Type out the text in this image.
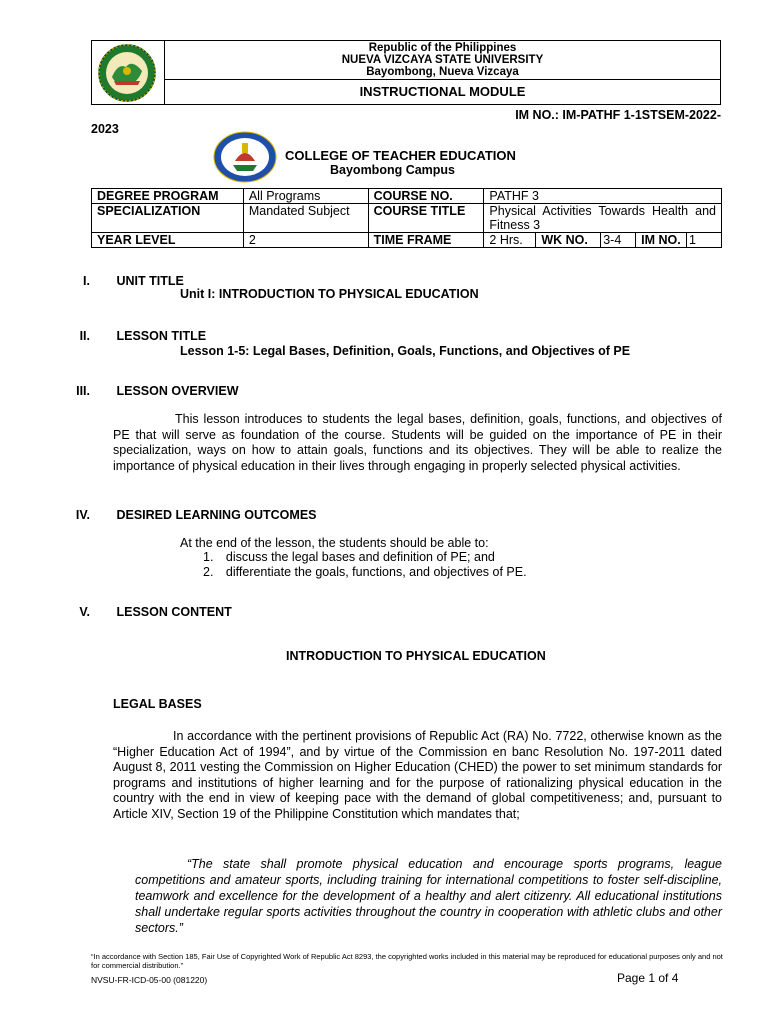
Republic of the Philippines
NUEVA VIZCAYA STATE UNIVERSITY
Bayombong, Nueva Vizcaya
INSTRUCTIONAL MODULE
IM NO.: IM-PATHF 1-1STSEM-2022-
2023
COLLEGE OF TEACHER EDUCATION
Bayombong Campus
DEGREE PROGRAM	All Programs	COURSE NO.	PATHF 3				
SPECIALIZATION	Mandated Subject	COURSE TITLE	Physical Activities Towards Health and Fitness 3				
YEAR LEVEL	2	TIME FRAME	2 Hrs.	WK NO.	3-4	IM NO.	1
I. UNIT TITLE
Unit I: INTRODUCTION TO PHYSICAL EDUCATION
II. LESSON TITLE
Lesson 1-5: Legal Bases, Definition, Goals, Functions, and Objectives of PE
III. LESSON OVERVIEW
This lesson introduces to students the legal bases, definition, goals, functions, and objectives of PE that will serve as foundation of the course. Students will be guided on the importance of PE in their specialization, ways on how to attain goals, functions and its objectives. They will be able to realize the importance of physical education in their lives through engaging in properly selected physical activities.
IV. DESIRED LEARNING OUTCOMES
At the end of the lesson, the students should be able to:
1. discuss the legal bases and definition of PE; and
2. differentiate the goals, functions, and objectives of PE.
V. LESSON CONTENT
INTRODUCTION TO PHYSICAL EDUCATION
LEGAL BASES
In accordance with the pertinent provisions of Republic Act (RA) No. 7722, otherwise known as the “Higher Education Act of 1994”, and by virtue of the Commission en banc Resolution No. 197-2011 dated August 8, 2011 vesting the Commission on Higher Education (CHED) the power to set minimum standards for programs and institutions of higher learning and for the purpose of rationalizing physical education in the country with the end in view of keeping pace with the demand of global competitiveness; and, pursuant to Article XIV, Section 19 of the Philippine Constitution which mandates that;
“The state shall promote physical education and encourage sports programs, league competitions and amateur sports, including training for international competitions to foster self-discipline, teamwork and excellence for the development of a healthy and alert citizenry. All educational institutions shall undertake regular sports activities throughout the country in cooperation with athletic clubs and other sectors.”
“In accordance with Section 185, Fair Use of Copyrighted Work of Republic Act 8293, the copyrighted works included in this material may be reproduced for educational purposes only and not for commercial distribution.”
NVSU-FR-ICD-05-00 (081220)	Page 1 of 4
